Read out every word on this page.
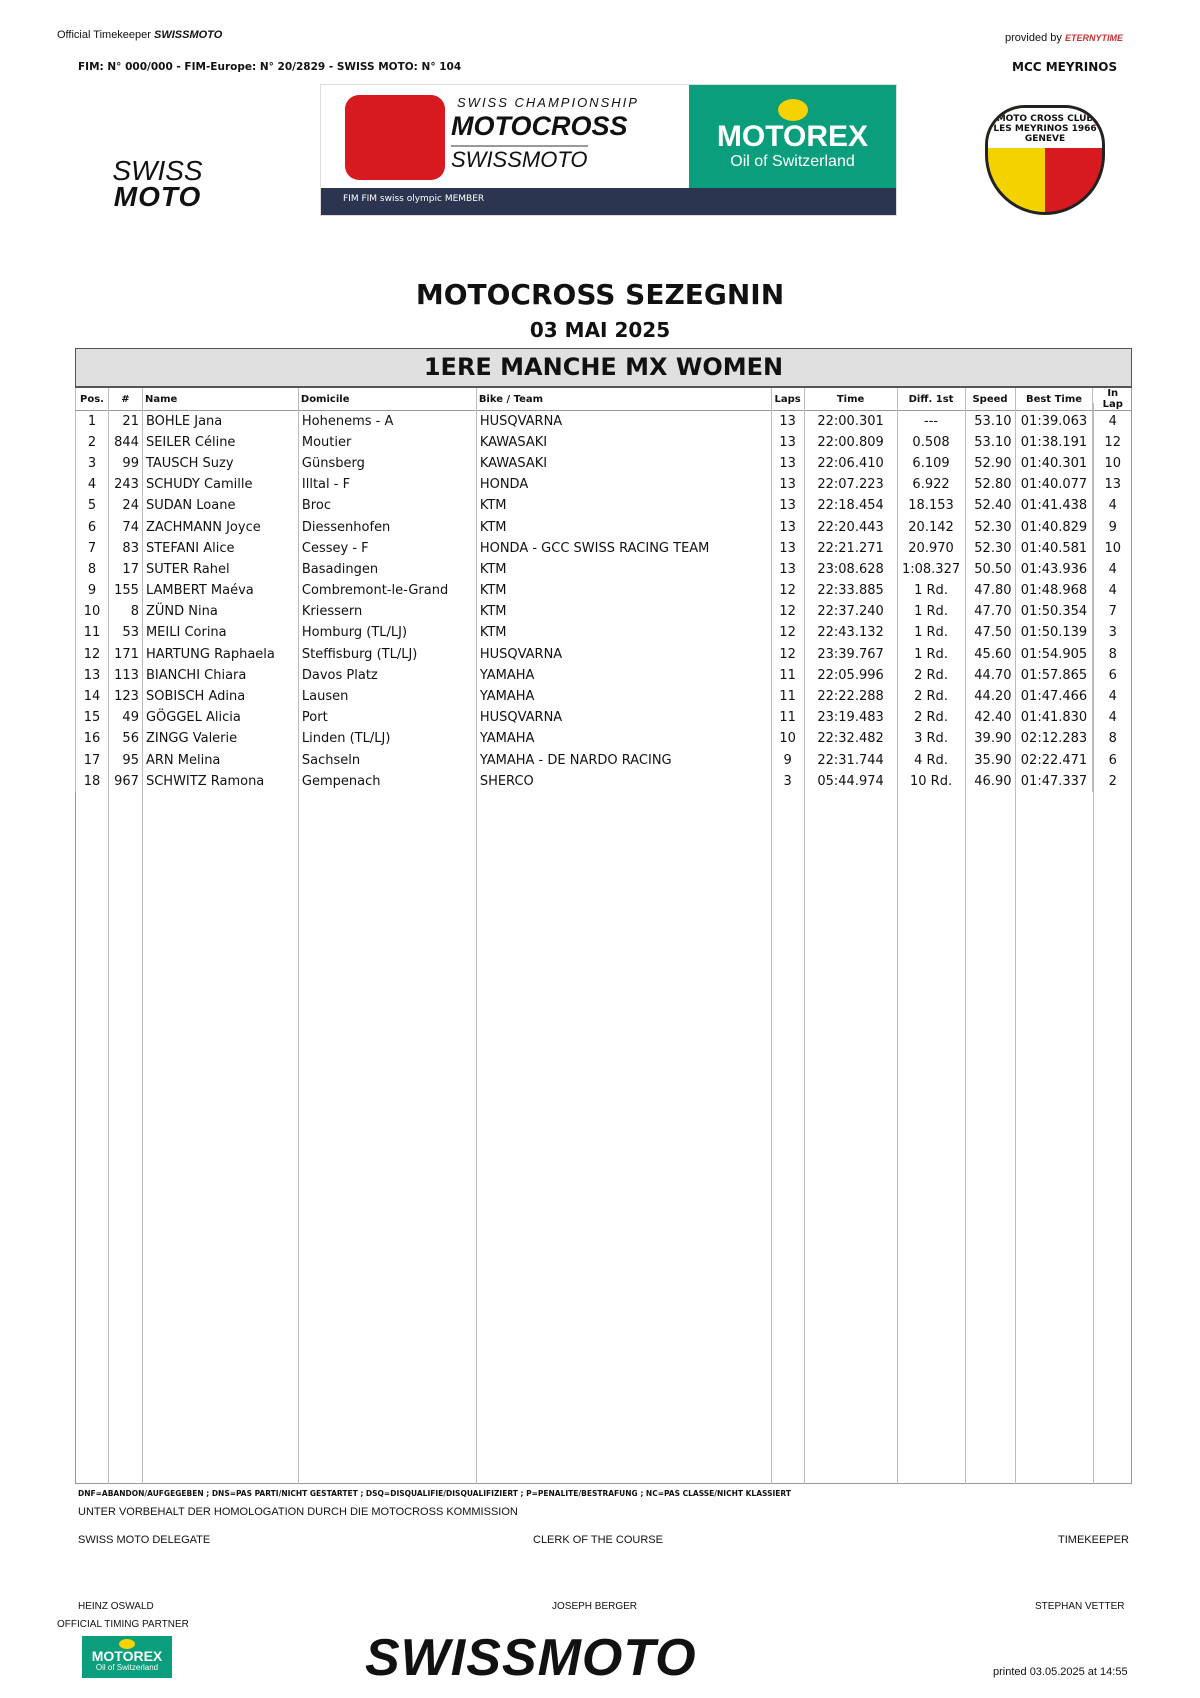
Official Timekeeper SWISSMOTO
FIM: N° 000/000 - FIM-Europe: N° 20/2829 - SWISS MOTO: N° 104
provided by ETERNYTIME
MCC MEYRINOS
SWISS
MOTO
SWISS CHAMPIONSHIP
MOTOCROSS
SWISSMOTO
MOTOREX
Oil of Switzerland
FIM FIM swiss olympic MEMBER
MOTO CROSS CLUB LES MEYRINOS 1966 GENEVE
MOTOCROSS SEZEGNIN
03 MAI 2025
1ERE MANCHE MX WOMEN
Pos.	#	Name	Domicile	Bike / Team	Laps	Time	Diff. 1st	Speed	Best Time	In Lap
1	21	BOHLE Jana	Hohenems - A	HUSQVARNA	13	22:00.301	---	53.10	01:39.063	4
2	844	SEILER Céline	Moutier	KAWASAKI	13	22:00.809	0.508	53.10	01:38.191	12
3	99	TAUSCH Suzy	Günsberg	KAWASAKI	13	22:06.410	6.109	52.90	01:40.301	10
4	243	SCHUDY Camille	Illtal - F	HONDA	13	22:07.223	6.922	52.80	01:40.077	13
5	24	SUDAN Loane	Broc	KTM	13	22:18.454	18.153	52.40	01:41.438	4
6	74	ZACHMANN Joyce	Diessenhofen	KTM	13	22:20.443	20.142	52.30	01:40.829	9
7	83	STEFANI Alice	Cessey - F	HONDA - GCC SWISS RACING TEAM	13	22:21.271	20.970	52.30	01:40.581	10
8	17	SUTER Rahel	Basadingen	KTM	13	23:08.628	1:08.327	50.50	01:43.936	4
9	155	LAMBERT Maéva	Combremont-le-Grand	KTM	12	22:33.885	1 Rd.	47.80	01:48.968	4
10	8	ZÜND Nina	Kriessern	KTM	12	22:37.240	1 Rd.	47.70	01:50.354	7
11	53	MEILI Corina	Homburg (TL/LJ)	KTM	12	22:43.132	1 Rd.	47.50	01:50.139	3
12	171	HARTUNG Raphaela	Steffisburg (TL/LJ)	HUSQVARNA	12	23:39.767	1 Rd.	45.60	01:54.905	8
13	113	BIANCHI Chiara	Davos Platz	YAMAHA	11	22:05.996	2 Rd.	44.70	01:57.865	6
14	123	SOBISCH Adina	Lausen	YAMAHA	11	22:22.288	2 Rd.	44.20	01:47.466	4
15	49	GÖGGEL Alicia	Port	HUSQVARNA	11	23:19.483	2 Rd.	42.40	01:41.830	4
16	56	ZINGG Valerie	Linden (TL/LJ)	YAMAHA	10	22:32.482	3 Rd.	39.90	02:12.283	8
17	95	ARN Melina	Sachseln	YAMAHA - DE NARDO RACING	9	22:31.744	4 Rd.	35.90	02:22.471	6
18	967	SCHWITZ Ramona	Gempenach	SHERCO	3	05:44.974	10 Rd.	46.90	01:47.337	2
DNF=ABANDON/AUFGEGEBEN ; DNS=PAS PARTI/NICHT GESTARTET ; DSQ=DISQUALIFIE/DISQUALIFIZIERT ; P=PENALITE/BESTRAFUNG ; NC=PAS CLASSE/NICHT KLASSIERT
UNTER VORBEHALT DER HOMOLOGATION DURCH DIE MOTOCROSS KOMMISSION
SWISS MOTO DELEGATE	CLERK OF THE COURSE	TIMEKEEPER
HEINZ OSWALD	JOSEPH BERGER	STEPHAN VETTER
OFFICIAL TIMING PARTNER
MOTOREX
Oil of Switzerland	SWISSMOTO	printed 03.05.2025 at 14:55
